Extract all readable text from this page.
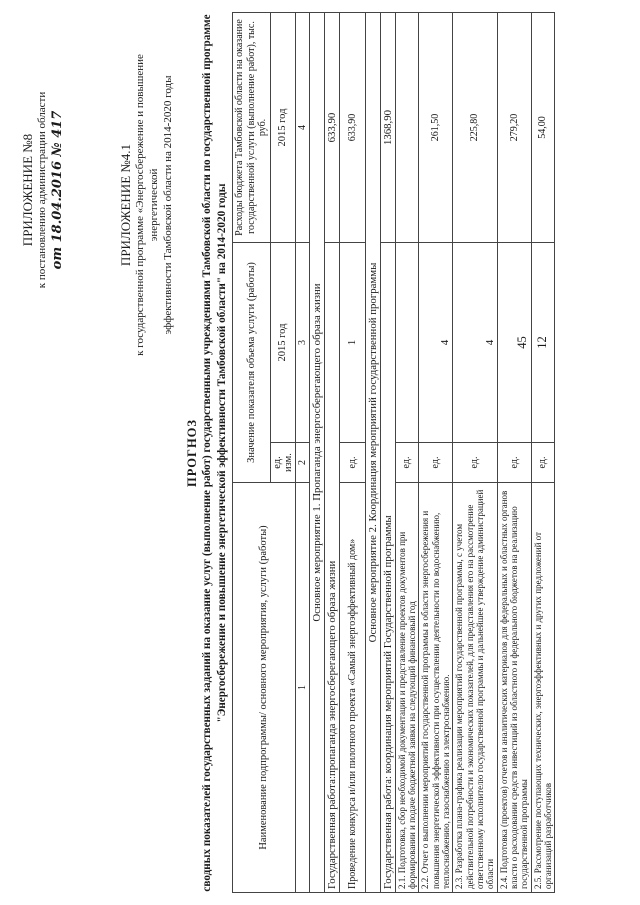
ПРИЛОЖЕНИЕ №8 к постановлению администрации области от 18.04.2016 № 417	ПРИЛОЖЕНИЕ №4.1 к государственной программе «Энергосбережение и повышение энергетической эффективности Тамбовской области на 2014-2020 годы
ПРОГНОЗ сводных показателей государственных заданий на оказание услуг (выполнение работ) государственными учреждениями Тамбовской области по государственной программе "Энергосбережение и повышение энергетической эффективности Тамбовской области" на 2014-2020 годы	Наименование подпрограммы/ основного мероприятия, услуги (работы)	Значение показателя объема услуги (работы)		Расходы бюджета Тамбовской области на оказание государственной услуги (выполнение работ), тыс. руб.
	ед. изм.	2015 год	2015 год
1	2	3	4
Основное мероприятие 1. Пропаганда энергосберегающего образа жизни			
Государственная работа:пропаганда энергосберегающего образа жизни			633,90
Проведение конкурса и/или пилотного проекта «Самый энергоэффективный дом»	ед.	1	633,90
Основное мероприятие 2. Координация мероприятий государственной программы			
Государственная работа: координация мероприятий Государственной программы			1368,90
2.1. Подготовка, сбор необходимой документации и представление проектов документов при формировании и подаче бюджетной заявки на следующий финансовый год	ед.		
2.2. Отчет о выполнении мероприятий государственной программы в области энергосбережения и повышения энергетической эффективности при осуществлении деятельности по водоснабжению, теплоснабжению, газоснабжению и электроснабжению.	ед.	4	261,50
2.3. Разработка плана-графика реализации мероприятий государственной программы, с учетом действительной потребности и экономических показателей, для представления его на рассмотрение ответственному исполнителю государственной программы и дальнейшее утверждение администрацией области	ед.	4	225,80
2.4. Подготовка (проектов) отчетов и аналитических материалов для федеральных и областных органов власти о расходовании средств инвестиций из областного и федерального бюджетов на реализацию государственной программы	ед.	45	279,20
2.5. Рассмотрение поступающих технических, энергоэффективных и других предложений от организаций разработчиков	ед.	12	54,00
